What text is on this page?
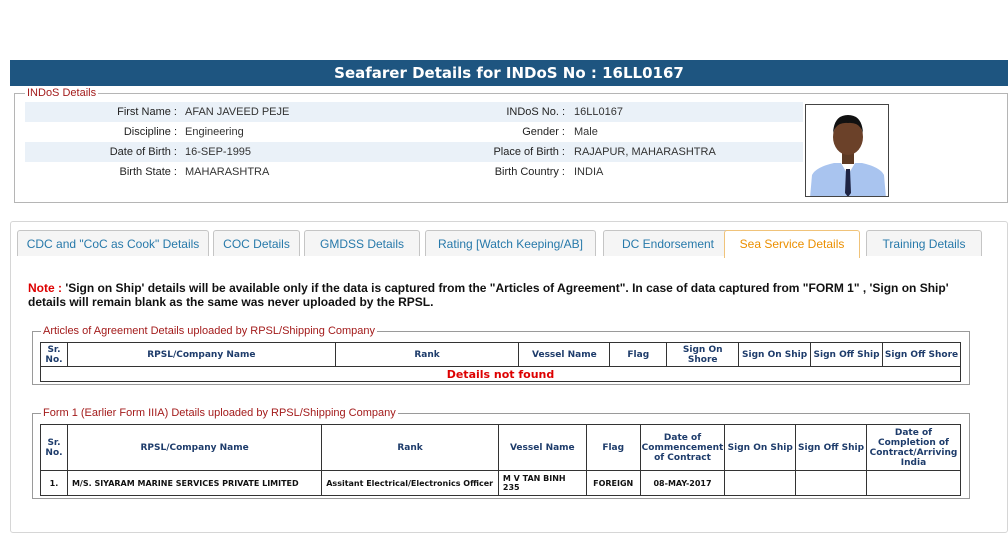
Seafarer Details for INDoS No : 16LL0167
INDoS Details
First Name : AFAN JAVEED PEJE	INDoS No. : 16LL0167
Discipline : Engineering	Gender : Male
Date of Birth : 16-SEP-1995	Place of Birth : RAJAPUR, MAHARASHTRA
Birth State : MAHARASHTRA	Birth Country : INDIA
CDC and "CoC as Cook" Details	COC Details	GMDSS Details	Rating [Watch Keeping/AB]	DC Endorsement	Sea Service Details	Training Details
Note : 'Sign on Ship' details will be available only if the data is captured from the "Articles of Agreement". In case of data captured from "FORM 1" , 'Sign on Ship' details will remain blank as the same was never uploaded by the RPSL.
Articles of Agreement Details uploaded by RPSL/Shipping Company
Sr. No.	RPSL/Company Name	Rank	Vessel Name	Flag	Sign On Shore	Sign On Ship	Sign Off Ship	Sign Off Shore
Details not found
Form 1 (Earlier Form IIIA) Details uploaded by RPSL/Shipping Company
Sr. No.	RPSL/Company Name	Rank	Vessel Name	Flag	Date of Commencement of Contract	Sign On Ship	Sign Off Ship	Date of Completion of Contract/Arriving India
1.	M/S. SIYARAM MARINE SERVICES PRIVATE LIMITED	Assitant Electrical/Electronics Officer	M V TAN BINH 235	FOREIGN	08-MAY-2017			
